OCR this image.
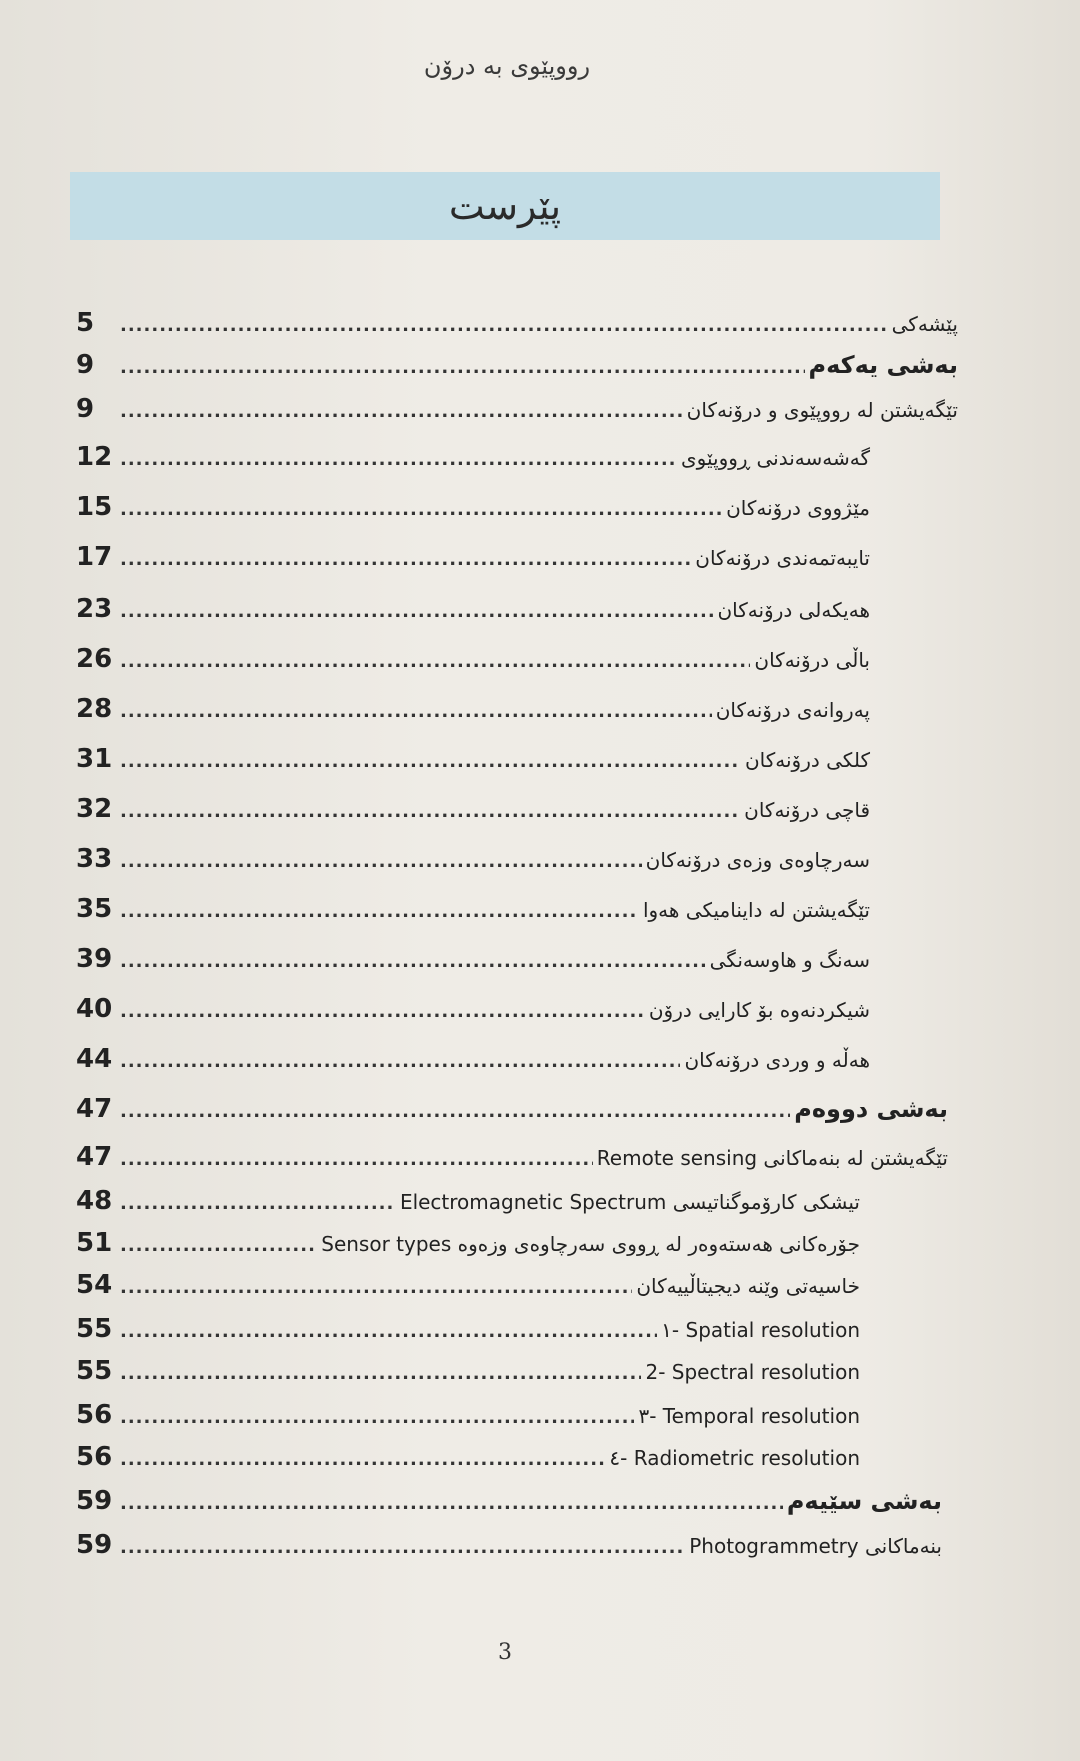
رووپێوی بە درۆن
پێرست
5 .....	پێشەکی
9 .....	بەشی یەکەم
9 .....	تێگەیشتن لە رووپێوی و درۆنەکان
12 .....	گەشەسەندنی ڕووپێوی
15 .....	مێژووی درۆنەکان
17 .....	تایبەتمەندی درۆنەکان
23 .....	هەیکەلی درۆنەکان
26 .....	باڵی درۆنەکان
28 .....	پەروانەی درۆنەکان
31 .....	کلکی درۆنەکان
32 .....	قاچی درۆنەکان
33 .....	سەرچاوەی وزەی درۆنەکان
35 .....	تێگەیشتن لە داینامیکی هەوا
39 .....	سەنگ و هاوسەنگی
40 .....	شیکردنەوە بۆ کارایی درۆن
44 .....	هەڵە و وردی درۆنەکان
47 .....	بەشی دووەم
47 .....	تێگەیشتن لە بنەماکانی Remote sensing
48 .....	تیشکی کارۆموگناتیسی Electromagnetic Spectrum
51 .....	جۆرەکانی هەستەوەر لە ڕووی سەرچاوەی وزەوە Sensor types
54 .....	خاسیەتی وێنە دیجیتاڵییەکان
55 .....	١- Spatial resolution
55 .....	2- Spectral resolution
56 .....	٣- Temporal resolution
56 .....	٤- Radiometric resolution
59 .....	بەشی سێیەم
59 .....	بنەماکانی Photogrammetry
3
